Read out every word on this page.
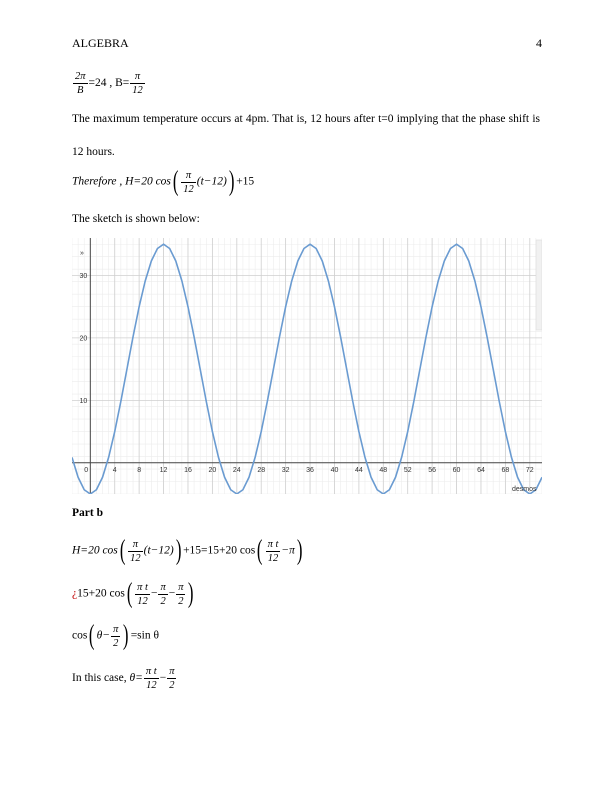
ALGEBRA	4
$\frac{2\pi}{B} =24$ , $B= \frac{\pi}{12}$
The maximum temperature occurs at 4pm. That is, 12 hours after t=0 implying that the phase shift is 12 hours.
Therefore , H=20 $\cos( \frac{\pi}{12} (t-12)) +15$
The sketch is shown below:
0	4	8	12 16 20 24 28 32 36 40 44 48 52 56 60 64 68 72
10
20
30
»
desmos
Part b
H=20 $\cos( \frac{\pi}{12} (t-12)) +15=15+20$ $\cos( \frac{\text{π t}}{12} -\pi)$
¿15+20 $\cos( \frac{\text{π t}}{12} - \frac{\pi}{2} - \frac{\pi}{2}$ )
cos( $\theta- \frac{\pi}{2}$ ) =sin θ
In this case, $\theta= \frac{\text{π t}}{12} - \frac{\pi}{2}$
